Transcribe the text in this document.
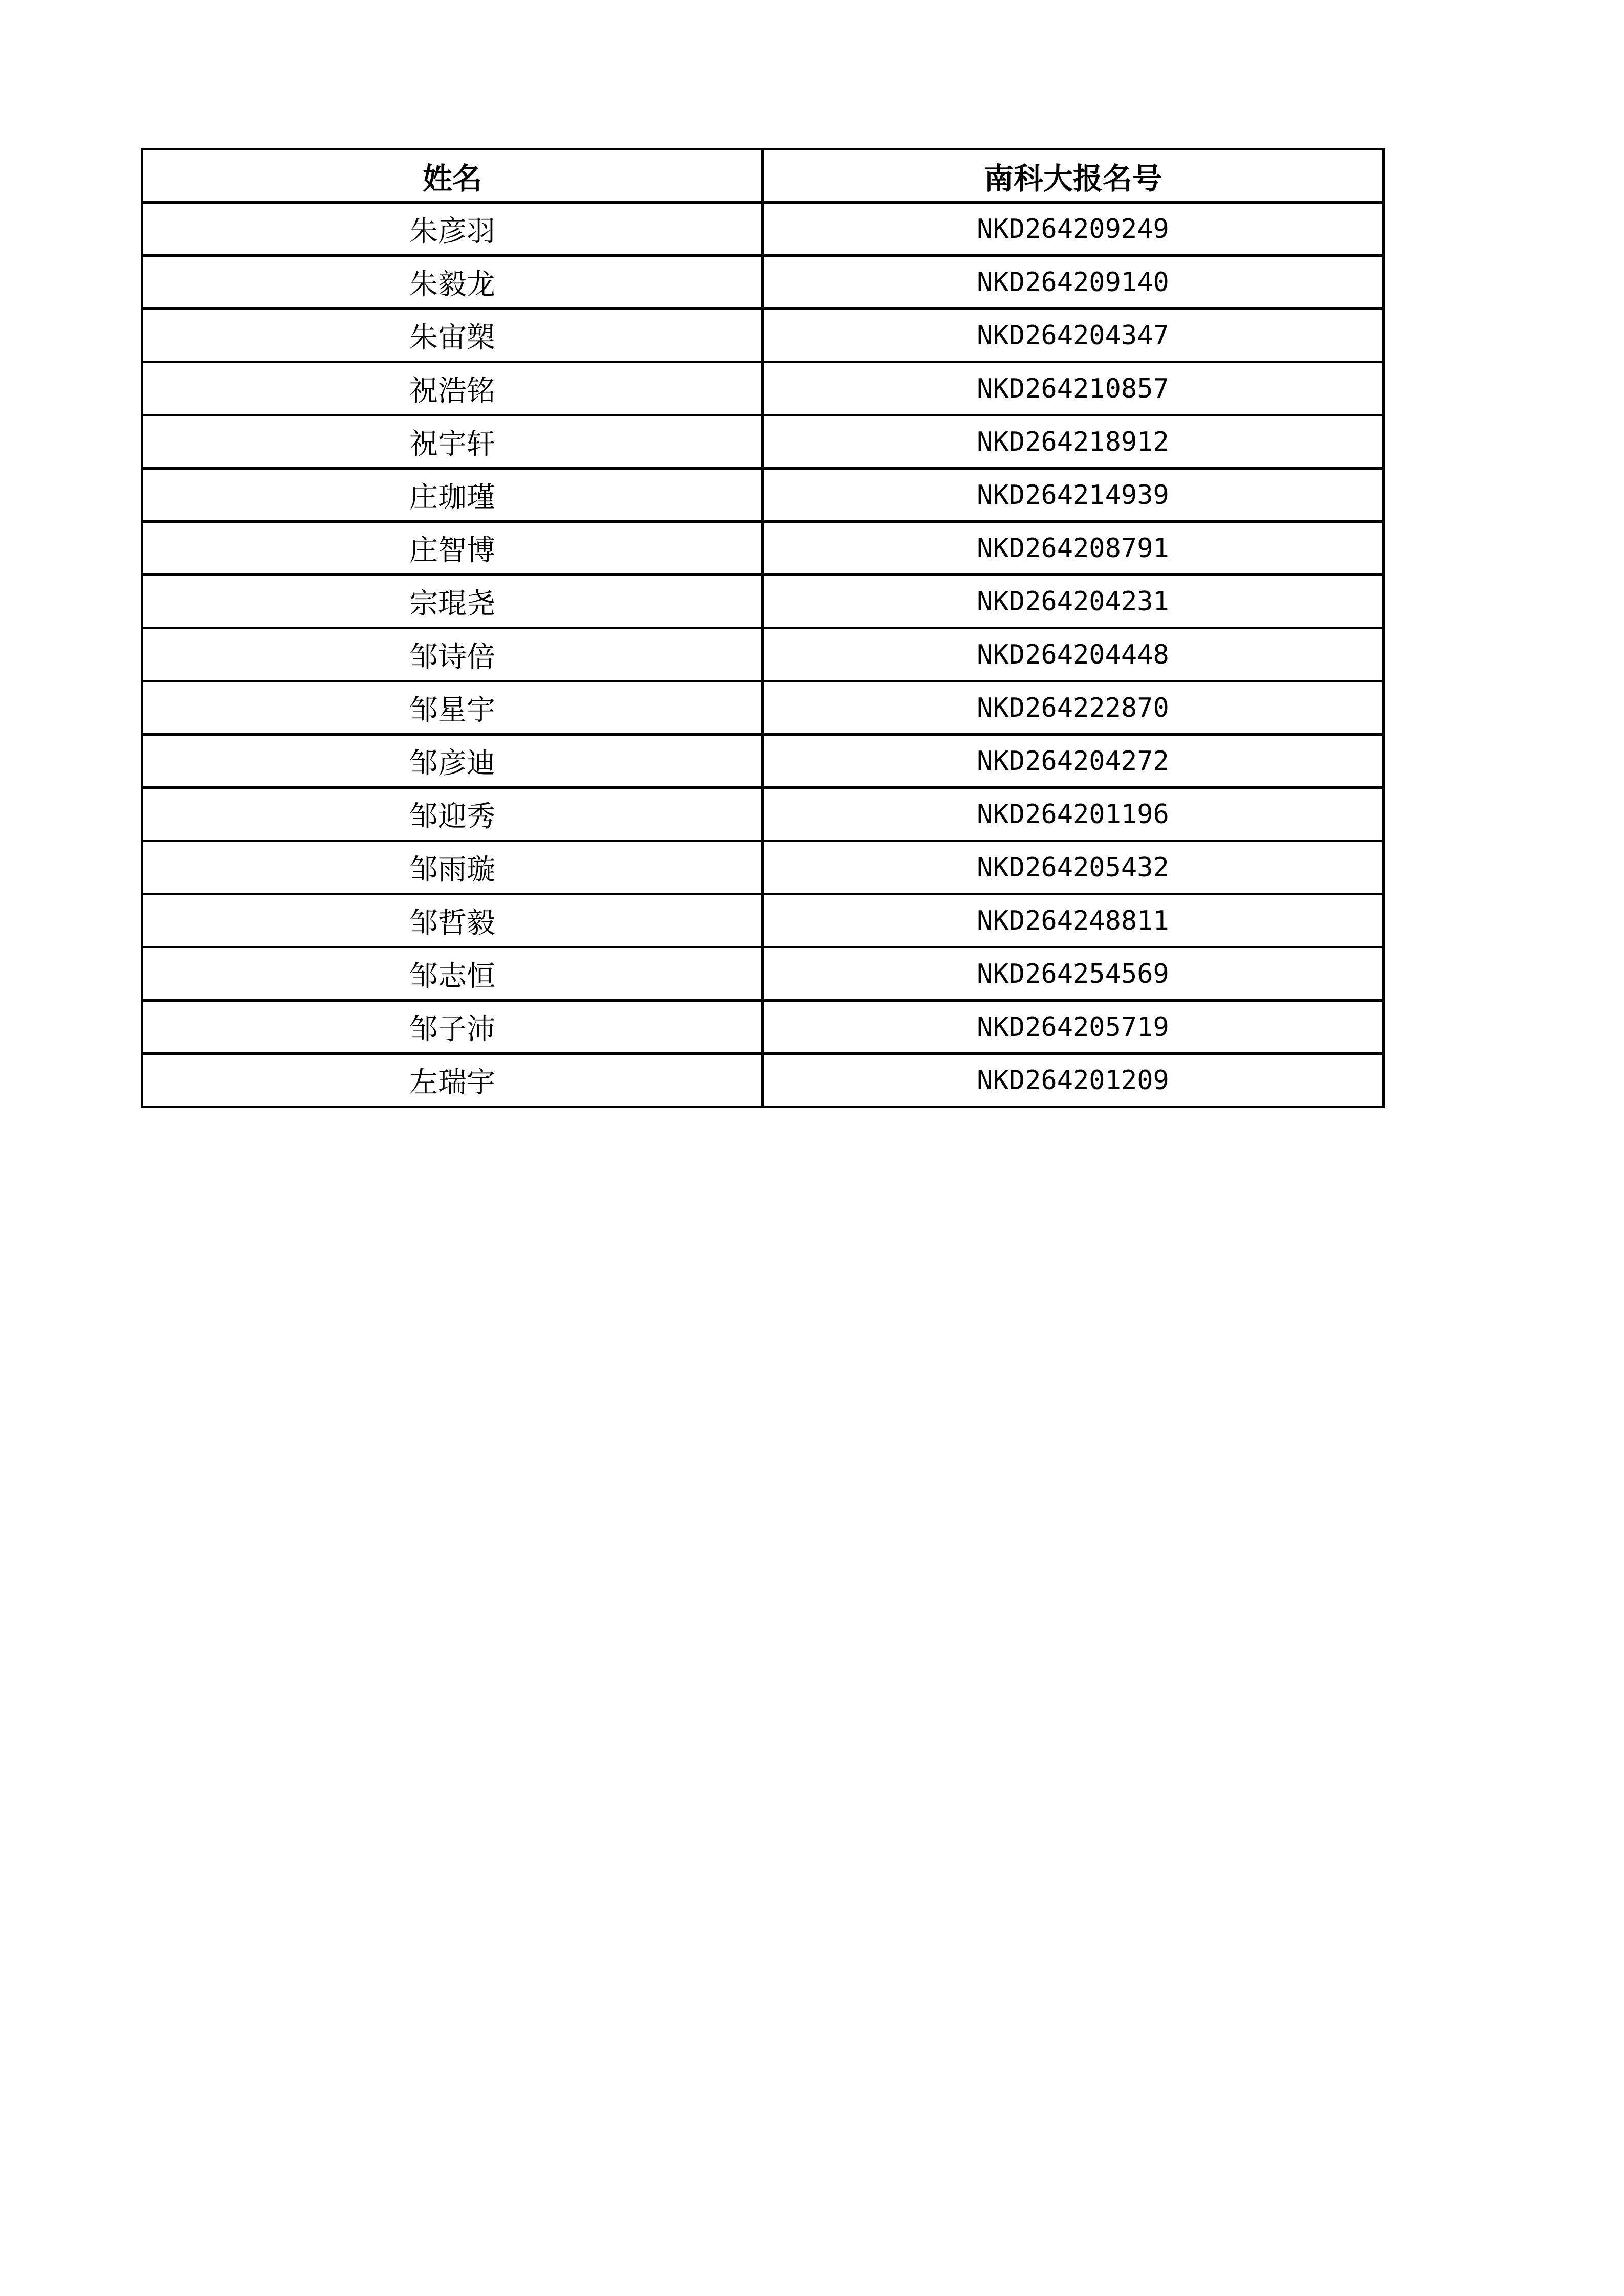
姓名	南科大报名号
朱彦羽	NKD264209249
朱毅龙	NKD264209140
朱宙槊	NKD264204347
祝浩铭	NKD264210857
祝宇轩	NKD264218912
庄珈瑾	NKD264214939
庄智博	NKD264208791
宗琨尧	NKD264204231
邹诗倍	NKD264204448
邹星宇	NKD264222870
邹彦迪	NKD264204272
邹迎秀	NKD264201196
邹雨璇	NKD264205432
邹哲毅	NKD264248811
邹志恒	NKD264254569
邹子沛	NKD264205719
左瑞宇	NKD264201209
